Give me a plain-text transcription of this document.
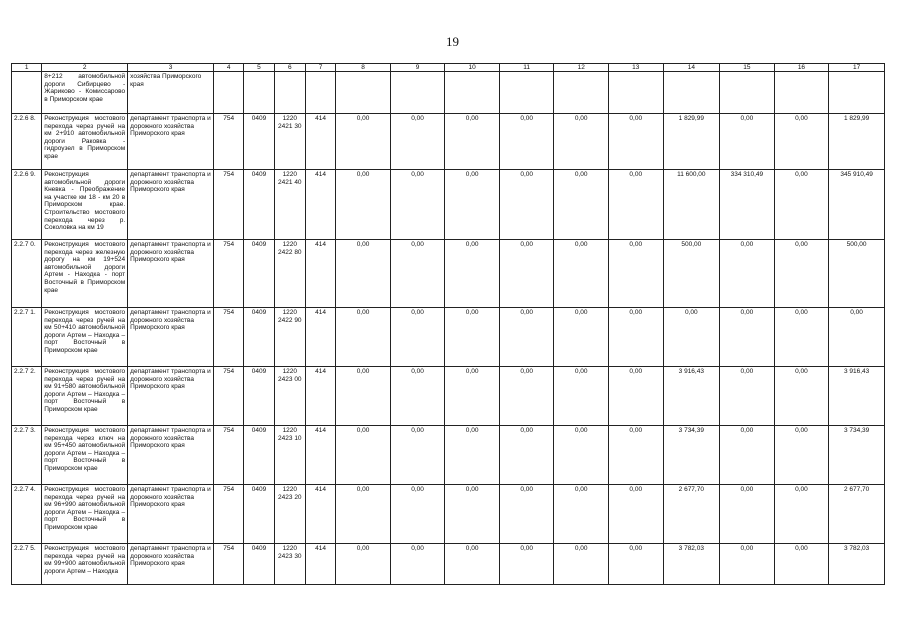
19
1	2	3	4	5	6	7	8	9	10	11	12	13	14	15	16	17
	8+212 автомобильной дороги Сибирцево - Жариково - Комиссарово в Приморском крае	хозяйства Приморского края														
2.2.6 8.	Реконструкция мостового перехода через ручей на км 2+910 автомобильной дороги Раковка - гидроузел в Приморском крае	департамент транспорта и дорожного хозяйства Приморского края	754	0409	1220 2421 30	414	0,00	0,00	0,00	0,00	0,00	0,00	1 829,99	0,00	0,00	1 829,99
2.2.6 9.	Реконструкция автомобильной дороги Кневка - Преображение на участке км 18 - км 20 в Приморском крае. Строительство мостового перехода через р. Соколовка на км 19	департамент транспорта и дорожного хозяйства Приморского края	754	0409	1220 2421 40	414	0,00	0,00	0,00	0,00	0,00	0,00	11 600,00	334 310,49	0,00	345 910,49
2.2.7 0.	Реконструкция мостового перехода через железную дорогу на км 19+524 автомобильной дороги Артем - Находка - порт Восточный в Приморском крае	департамент транспорта и дорожного хозяйства Приморского края	754	0409	1220 2422 80	414	0,00	0,00	0,00	0,00	0,00	0,00	500,00	0,00	0,00	500,00
2.2.7 1.	Реконструкция мостового перехода через ручей на км 50+410 автомобильной дороги Артем – Находка – порт Восточный в Приморском крае	департамент транспорта и дорожного хозяйства Приморского края	754	0409	1220 2422 90	414	0,00	0,00	0,00	0,00	0,00	0,00	0,00	0,00	0,00	0,00
2.2.7 2.	Реконструкция мостового перехода через ручей на км 91+580 автомобильной дороги Артем – Находка – порт Восточный в Приморском крае	департамент транспорта и дорожного хозяйства Приморского края	754	0409	1220 2423 00	414	0,00	0,00	0,00	0,00	0,00	0,00	3 916,43	0,00	0,00	3 916,43
2.2.7 3.	Реконструкция мостового перехода через ключ на км 95+450 автомобильной дороги Артем – Находка – порт Восточный в Приморском крае	департамент транспорта и дорожного хозяйства Приморского края	754	0409	1220 2423 10	414	0,00	0,00	0,00	0,00	0,00	0,00	3 734,39	0,00	0,00	3 734,39
2.2.7 4.	Реконструкция мостового перехода через ручей на км 96+990 автомобильной дороги Артем – Находка – порт Восточный в Приморском крае	департамент транспорта и дорожного хозяйства Приморского края	754	0409	1220 2423 20	414	0,00	0,00	0,00	0,00	0,00	0,00	2 677,70	0,00	0,00	2 677,70
2.2.7 5.	Реконструкция мостового перехода через ручей на км 99+900 автомобильной дороги Артем – Находка	департамент транспорта и дорожного хозяйства Приморского края	754	0409	1220 2423 30	414	0,00	0,00	0,00	0,00	0,00	0,00	3 782,03	0,00	0,00	3 782,03
